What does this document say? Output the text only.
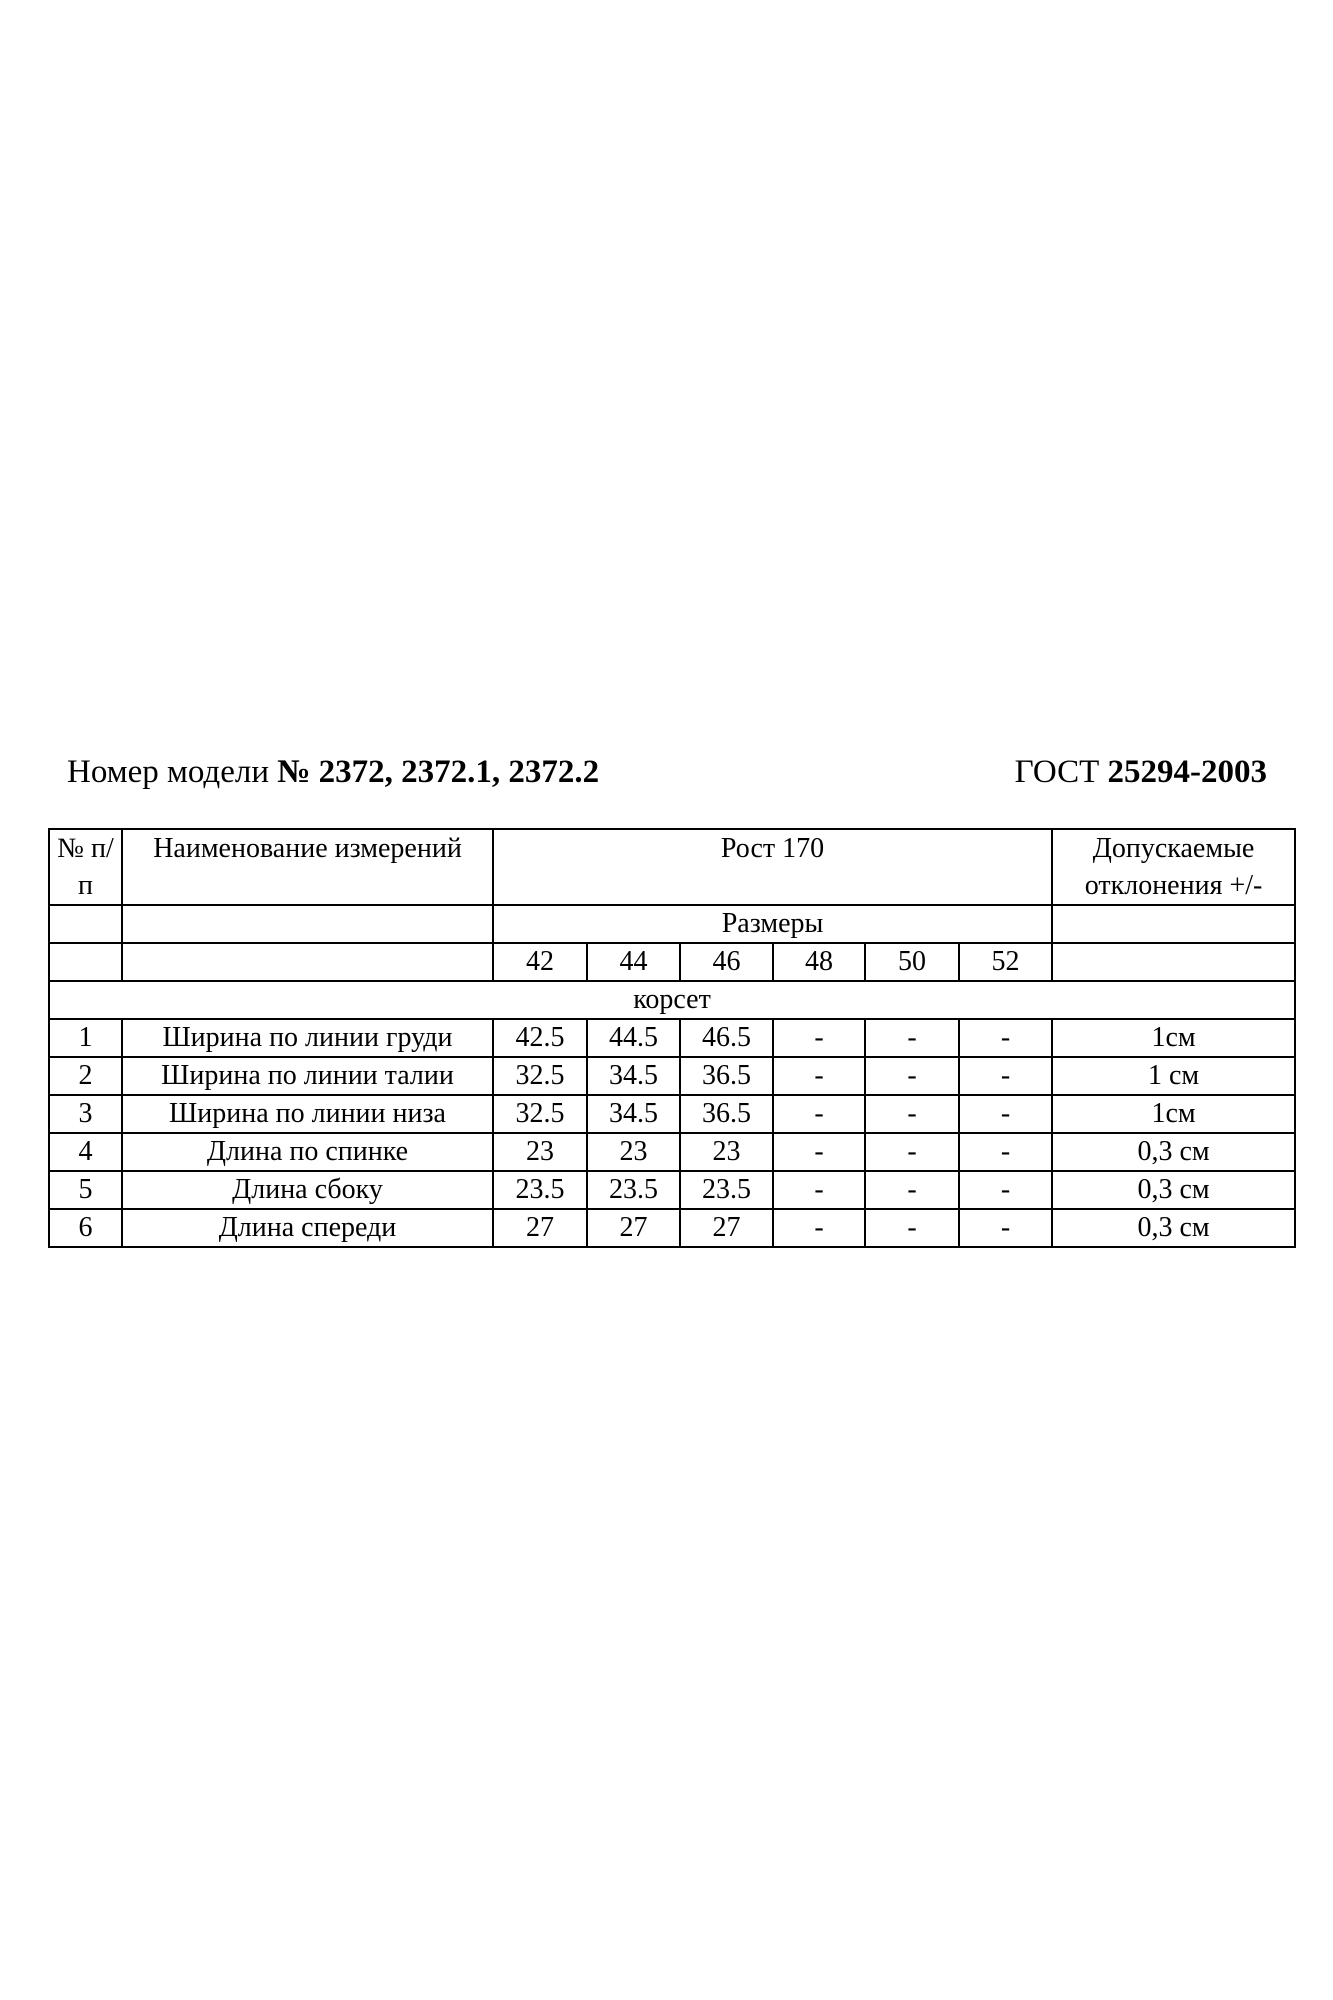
Номер модели № 2372, 2372.1, 2372.2	ГОСТ 25294-2003
№ п/п	Наименование измерений	Рост 170						Допускаемые отклонения +/-
		Размеры						
		42	44	46	48	50	52	
корсет								
1	Ширина по линии груди	42.5	44.5	46.5	-	-	-	1см
2	Ширина по линии талии	32.5	34.5	36.5	-	-	-	1 см
3	Ширина по линии низа	32.5	34.5	36.5	-	-	-	1см
4	Длина по спинке	23	23	23	-	-	-	0,3 см
5	Длина сбоку	23.5	23.5	23.5	-	-	-	0,3 см
6	Длина спереди	27	27	27	-	-	-	0,3 см
